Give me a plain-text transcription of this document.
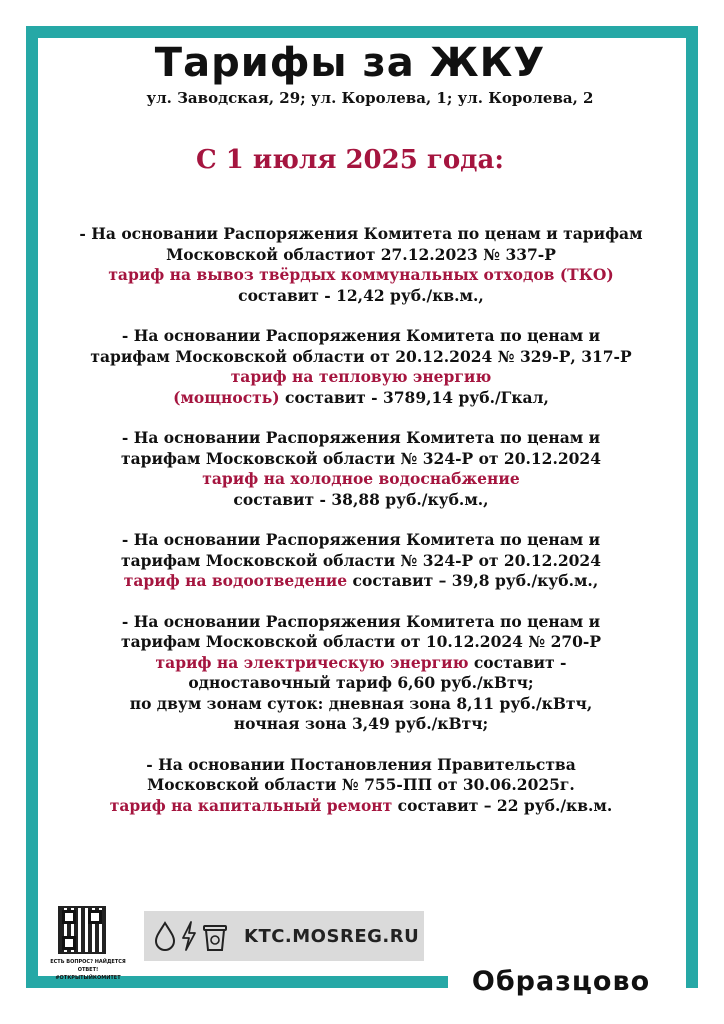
Тарифы за ЖКУ
ул. Заводская, 29; ул. Королева, 1; ул. Королева, 2
С 1 июля 2025 года:
- На основании Распоряжения Комитета по ценам и тарифам
Московской областиот 27.12.2023 № 337-Р
тариф на вывоз твёрдых коммунальных отходов (ТКО)
составит - 12,42 руб./кв.м.,
- На основании Распоряжения Комитета по ценам и
тарифам Московской области от 20.12.2024 № 329-Р, 317-Р
тариф на тепловую энергию
(мощность) составит - 3789,14 руб./Гкал,
- На основании Распоряжения Комитета по ценам и
тарифам Московской области № 324-Р от 20.12.2024
тариф на холодное водоснабжение
составит - 38,88 руб./куб.м.,
- На основании Распоряжения Комитета по ценам и
тарифам Московской области № 324-Р от 20.12.2024
тариф на водоотведение составит – 39,8 руб./куб.м.,
- На основании Распоряжения Комитета по ценам и
тарифам Московской области от 10.12.2024 № 270-Р
тариф на электрическую энергию составит -
одноставочный тариф 6,60 руб./кВтч;
по двум зонам суток: дневная зона 8,11 руб./кВтч,
ночная зона 3,49 руб./кВтч;
- На основании Постановления Правительства
Московской области № 755-ПП от 30.06.2025г.
тариф на капитальный ремонт составит – 22 руб./кв.м.
ЕСТЬ ВОПРОС? НАЙДЕТСЯ ОТВЕТ!
#ОТКРЫТЫЙКОМИТЕТ
KTC.MOSREG.RU
Образцово
